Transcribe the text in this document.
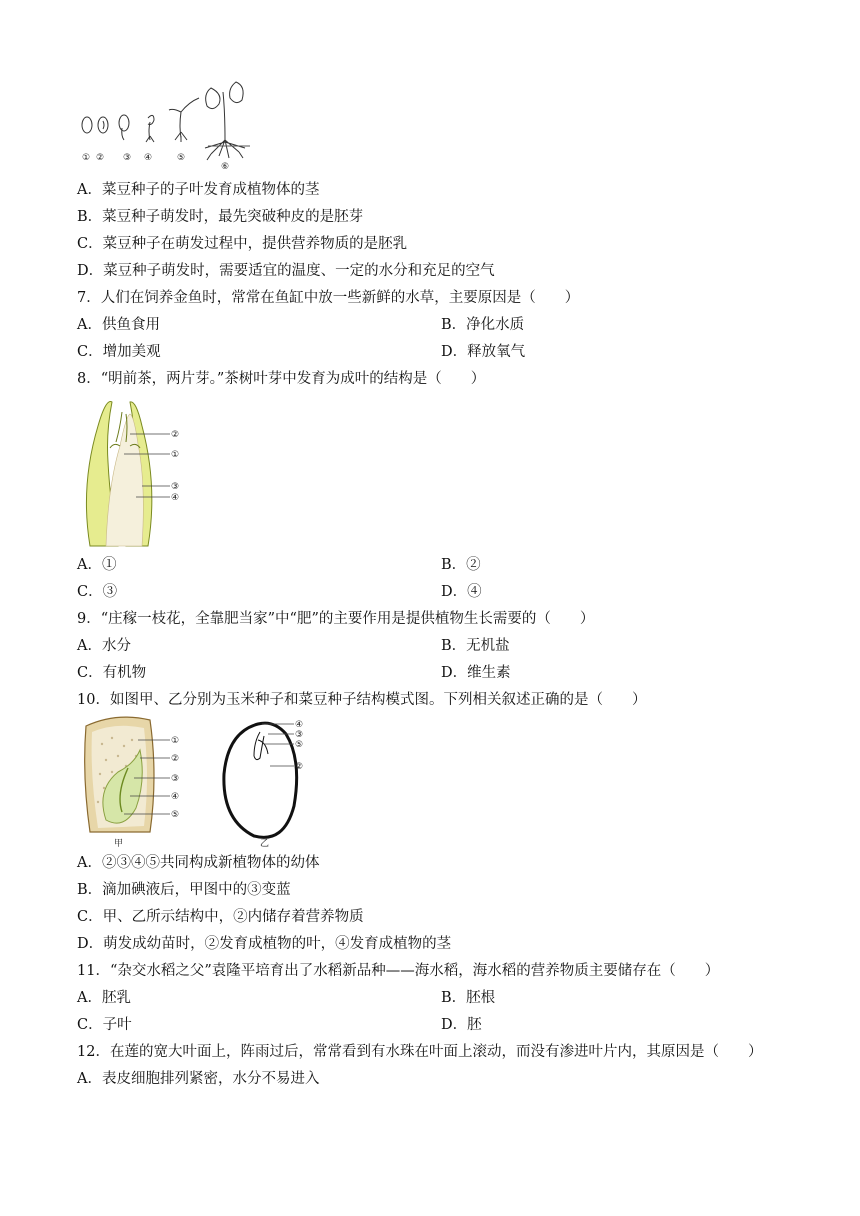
① ② ③ ④	⑤
⑥
A．菜豆种子的子叶发育成植物体的茎
B．菜豆种子萌发时，最先突破种皮的是胚芽
C．菜豆种子在萌发过程中，提供营养物质的是胚乳
D．菜豆种子萌发时，需要适宜的温度、一定的水分和充足的空气
7．人们在饲养金鱼时，常常在鱼缸中放一些新鲜的水草，主要原因是（　　）
A．供鱼食用	B．净化水质
C．增加美观	D．释放氧气
8．“明前茶，两片芽。”茶树叶芽中发育为成叶的结构是（　　）
②
①
③
④
A．①	B．②
C．③	D．④
9．“庄稼一枝花，全靠肥当家”中“肥”的主要作用是提供植物生长需要的（　　）
A．水分	B．无机盐
C．有机物	D．维生素
10．如图甲、乙分别为玉米种子和菜豆种子结构模式图。下列相关叙述正确的是（　　）
①
②
③
④
⑤
甲
④
③
⑤
②
乙
A．②③④⑤共同构成新植物体的幼体
B．滴加碘液后，甲图中的③变蓝
C．甲、乙所示结构中，②内储存着营养物质
D．萌发成幼苗时，②发育成植物的叶，④发育成植物的茎
11．“杂交水稻之父”袁隆平培育出了水稻新品种——海水稻，海水稻的营养物质主要储存在（　　）
A．胚乳	B．胚根
C．子叶	D．胚
12．在莲的宽大叶面上，阵雨过后，常常看到有水珠在叶面上滚动，而没有渗进叶片内，其原因是（　　）
A．表皮细胞排列紧密，水分不易进入
